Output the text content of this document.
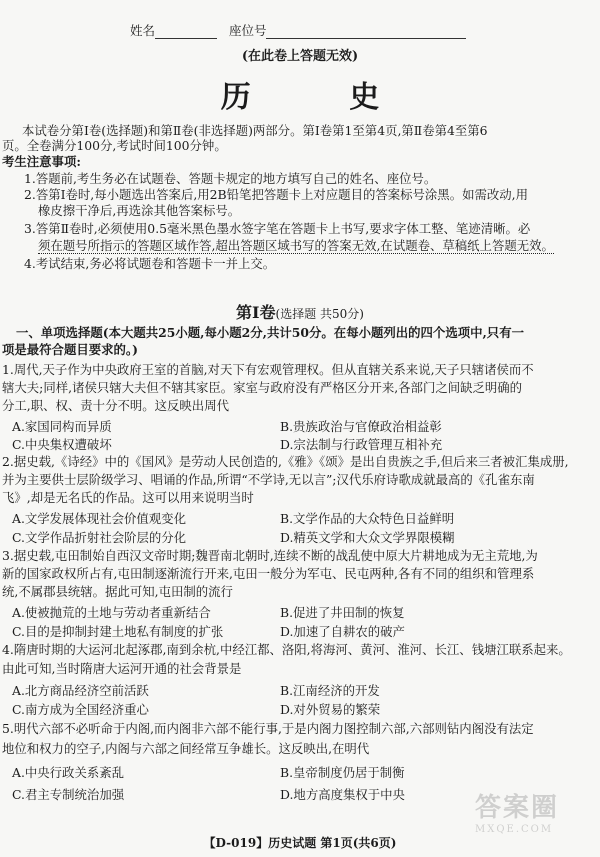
姓名	座位号
(在此卷上答题无效)
历 史
本试卷分第Ⅰ卷(选择题)和第Ⅱ卷(非选择题)两部分。第Ⅰ卷第1至第4页,第Ⅱ卷第4至第6
页。全卷满分100分,考试时间100分钟。
考生注意事项:
1.答题前,考生务必在试题卷、答题卡规定的地方填写自己的姓名、座位号。
2.答第Ⅰ卷时,每小题选出答案后,用2B铅笔把答题卡上对应题目的答案标号涂黑。如需改动,用
橡皮擦干净后,再选涂其他答案标号。
3.答第Ⅱ卷时,必须使用0.5毫米黑色墨水签字笔在答题卡上书写,要求字体工整、笔迹清晰。必
须在题号所指示的答题区域作答,超出答题区域书写的答案无效,在试题卷、草稿纸上答题无效。
4.考试结束,务必将试题卷和答题卡一并上交。
第Ⅰ卷(选择题 共50分)
一、单项选择题(本大题共25小题,每小题2分,共计50分。在每小题列出的四个选项中,只有一
项是最符合题目要求的。)
1.周代,天子作为中央政府王室的首脑,对天下有宏观管理权。但从直辖关系来说,天子只辖诸侯而不
辖大夫;同样,诸侯只辖大夫但不辖其家臣。家室与政府没有严格区分开来,各部门之间缺乏明确的
分工,职、权、责十分不明。这反映出周代
A.家国同构而异质	B.贵族政治与官僚政治相益彰
C.中央集权遭破坏	D.宗法制与行政管理互相补充
2.据史载,《诗经》中的《国风》是劳动人民创造的,《雅》《颂》是出自贵族之手,但后来三者被汇集成册,
并为主要供士层阶级学习、唱诵的作品,所谓“不学诗,无以言”;汉代乐府诗歌成就最高的《孔雀东南
飞》,却是无名氏的作品。这可以用来说明当时
A.文学发展体现社会价值观变化	B.文学作品的大众特色日益鲜明
C.文学作品折射社会阶层的分化	D.精英文学和大众文学界限模糊
3.据史载,屯田制始自西汉文帝时期;魏晋南北朝时,连续不断的战乱使中原大片耕地成为无主荒地,为
新的国家政权所占有,屯田制逐渐流行开来,屯田一般分为军屯、民屯两种,各有不同的组织和管理系
统,不属郡县统辖。据此可知,屯田制的流行
A.使被抛荒的土地与劳动者重新结合	B.促进了井田制的恢复
C.目的是抑制封建土地私有制度的扩张	D.加速了自耕农的破产
4.隋唐时期的大运河北起涿郡,南到余杭,中经江都、洛阳,将海河、黄河、淮河、长江、钱塘江联系起来。
由此可知,当时隋唐大运河开通的社会背景是
A.北方商品经济空前活跃	B.江南经济的开发
C.南方成为全国经济重心	D.对外贸易的繁荣
5.明代六部不必听命于内阁,而内阁非六部不能行事,于是内阁力图控制六部,六部则钻内阁没有法定
地位和权力的空子,内阁与六部之间经常互争雄长。这反映出,在明代
A.中央行政关系紊乱	B.皇帝制度仍居于制衡
C.君主专制统治加强	D.地方高度集权于中央
【D-019】历史试题 第1页(共6页)
答案圈
MXQE.COM
